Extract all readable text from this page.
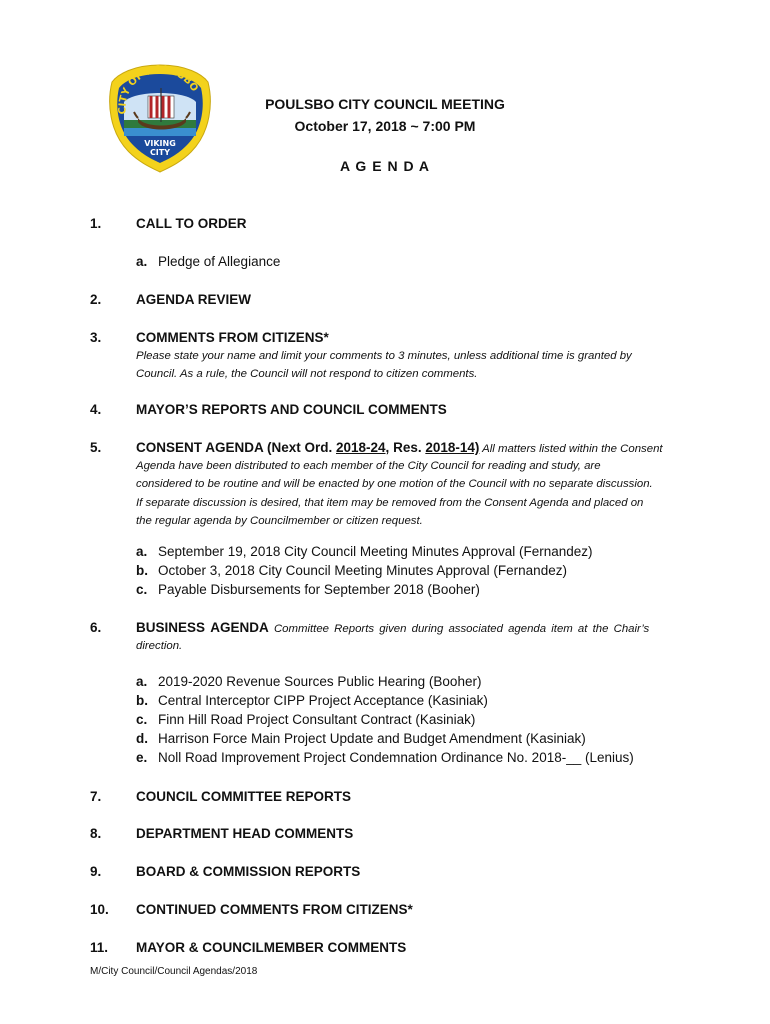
CITY OF POULSBO
VIKING
CITY
POULSBO CITY COUNCIL MEETING
October 17, 2018 ~ 7:00 PM
A G E N D A
1.	CALL TO ORDER
a. Pledge of Allegiance
2.	AGENDA REVIEW
3.	COMMENTS FROM CITIZENS*
Please state your name and limit your comments to 3 minutes, unless additional time is granted by
Council. As a rule, the Council will not respond to citizen comments.
4.	MAYOR’S REPORTS AND COUNCIL COMMENTS
5.	CONSENT AGENDA (Next Ord. 2018-24, Res. 2018-14) All matters listed within the Consent
Agenda have been distributed to each member of the City Council for reading and study, are
considered to be routine and will be enacted by one motion of the Council with no separate discussion.
If separate discussion is desired, that item may be removed from the Consent Agenda and placed on
the regular agenda by Councilmember or citizen request.
a. September 19, 2018 City Council Meeting Minutes Approval (Fernandez)
b. October 3, 2018 City Council Meeting Minutes Approval (Fernandez)
c. Payable Disbursements for September 2018 (Booher)
6.	BUSINESS AGENDA Committee Reports given during associated agenda item at the Chair’s
direction.
a. 2019-2020 Revenue Sources Public Hearing (Booher)
b. Central Interceptor CIPP Project Acceptance (Kasiniak)
c. Finn Hill Road Project Consultant Contract (Kasiniak)
d. Harrison Force Main Project Update and Budget Amendment (Kasiniak)
e. Noll Road Improvement Project Condemnation Ordinance No. 2018-__ (Lenius)
7.	COUNCIL COMMITTEE REPORTS
8.	DEPARTMENT HEAD COMMENTS
9.	BOARD & COMMISSION REPORTS
10. CONTINUED COMMENTS FROM CITIZENS*
11. MAYOR & COUNCILMEMBER COMMENTS
M/City Council/Council Agendas/2018
